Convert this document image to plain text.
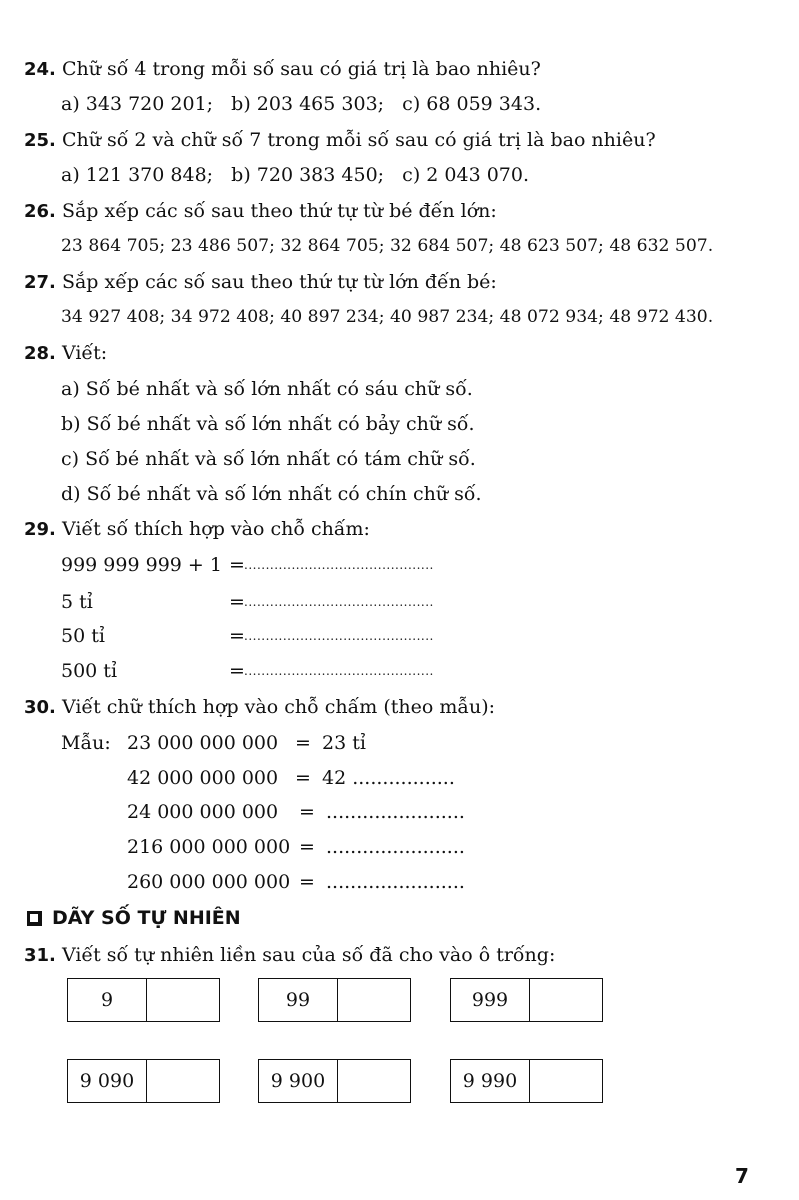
24. Chữ số 4 trong mỗi số sau có giá trị là bao nhiêu?
a) 343 720 201;   b) 203 465 303;   c) 68 059 343.
25. Chữ số 2 và chữ số 7 trong mỗi số sau có giá trị là bao nhiêu?
a) 121 370 848;   b) 720 383 450;   c) 2 043 070.
26. Sắp xếp các số sau theo thứ tự từ bé đến lớn:
23 864 705; 23 486 507; 32 864 705; 32 684 507; 48 623 507; 48 632 507.
27. Sắp xếp các số sau theo thứ tự từ lớn đến bé:
34 927 408; 34 972 408; 40 897 234; 40 987 234; 48 072 934; 48 972 430.
28. Viết:
a) Số bé nhất và số lớn nhất có sáu chữ số.
b) Số bé nhất và số lớn nhất có bảy chữ số.
c) Số bé nhất và số lớn nhất có tám chữ số.
d) Số bé nhất và số lớn nhất có chín chữ số.
29. Viết số thích hợp vào chỗ chấm:
999 999 999 + 1 = ............................................
5 tỉ	= ............................................
50 tỉ	= ............................................
500 tỉ	= ............................................
30. Viết chữ thích hợp vào chỗ chấm (theo mẫu):
Mẫu: 23 000 000 000 = 23 tỉ
42 000 000 000 = 42 .................
24 000 000 000 = .......................
216 000 000 000 = .......................
260 000 000 000 = .......................
DÃY SỐ TỰ NHIÊN
31. Viết số tự nhiên liền sau của số đã cho vào ô trống:
9	99	999
9 090	9 900	9 990
7
